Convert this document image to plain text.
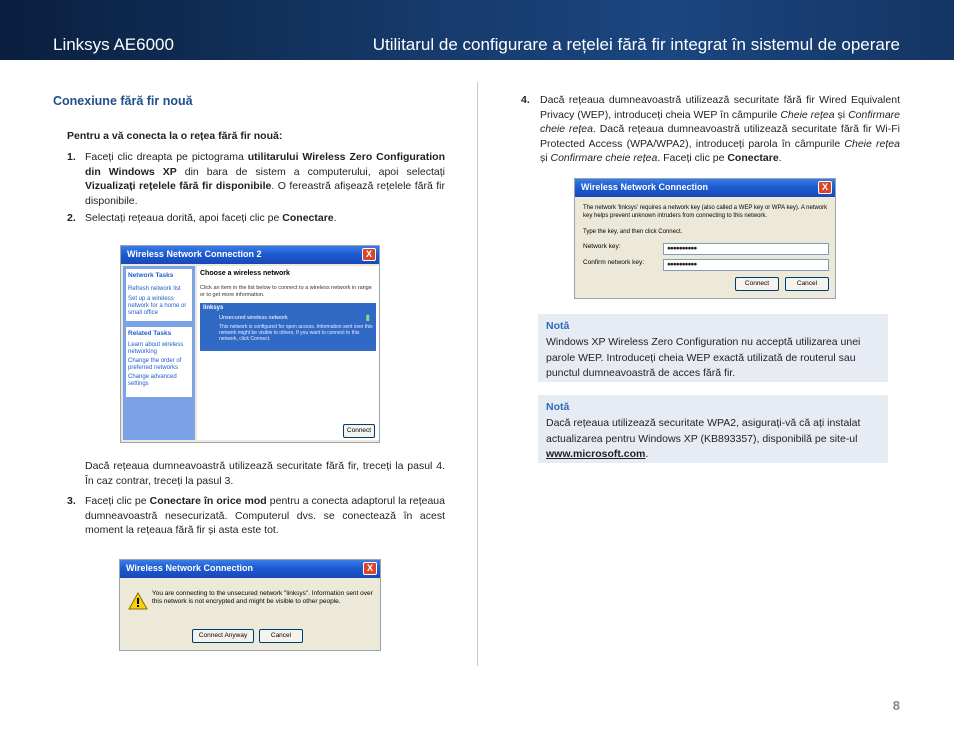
Linksys AE6000	Utilitarul de configurare a rețelei fără fir integrat în sistemul de operare
Conexiune fără fir nouă
Pentru a vă conecta la o rețea fără fir nouă:
1. Faceți clic dreapta pe pictograma utilitarului Wireless Zero Configuration din Windows XP din bara de sistem a computerului, apoi selectați Vizualizați rețelele fără fir disponibile. O fereastră afișează rețelele fără fir disponibile.
2. Selectați rețeaua dorită, apoi faceți clic pe Conectare.
Wireless Network Connection 2	X
Network Tasks
Refresh network list
Set up a wireless network for a home or small office
Related Tasks
Learn about wireless networking
Change the order of preferred networks
Change advanced settings
Choose a wireless network
Click an item in the list below to connect to a wireless network in range or to get more information.
linksys
Unsecured wireless network
This network is configured for open access. Information sent over this network might be visible to others. If you want to connect to this network, click Connect.
▮
Connect
Dacă rețeaua dumneavoastră utilizează securitate fără fir, treceți la pasul 4. În caz contrar, treceți la pasul 3.
3. Faceți clic pe Conectare în orice mod pentru a conecta adaptorul la rețeaua dumneavoastră nesecurizată. Computerul dvs. se conectează în acest moment la rețeaua fără fir și asta este tot.
Wireless Network Connection	X
You are connecting to the unsecured network "linksys". Information sent over this network is not encrypted and might be visible to other people.
Connect Anyway	Cancel
4. Dacă rețeaua dumneavoastră utilizează securitate fără fir Wired Equivalent Privacy (WEP), introduceți cheia WEP în câmpurile Cheie rețea și Confirmare cheie rețea. Dacă rețeaua dumneavoastră utilizează securitate fără fir Wi-Fi Protected Access (WPA/WPA2), introduceți parola în câmpurile Cheie rețea și Confirmare cheie rețea. Faceți clic pe Conectare.
Wireless Network Connection	X
The network 'linksys' requires a network key (also called a WEP key or WPA key). A network key helps prevent unknown intruders from connecting to this network.
Type the key, and then click Connect.
Network key:	●●●●●●●●●●
Confirm network key:	●●●●●●●●●●
Connect	Cancel
Notă
Windows XP Wireless Zero Configuration nu acceptă utilizarea unei parole WEP. Introduceți cheia WEP exactă utilizată de routerul sau punctul dumneavoastră de acces fără fir.
Notă
Dacă rețeaua utilizează securitate WPA2, asigurați-vă că ați instalat actualizarea pentru Windows XP (KB893357), disponibilă pe site-ul www.microsoft.com.
8
